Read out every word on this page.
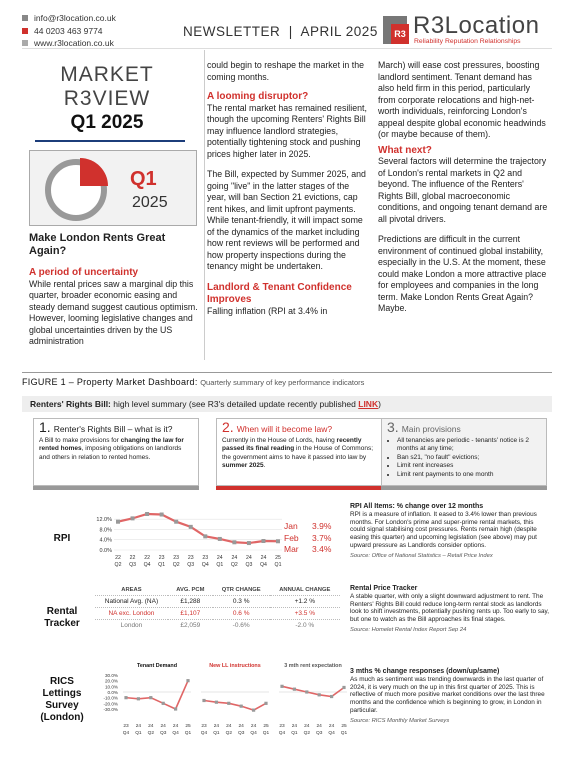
info@r3location.co.uk
44 0203 463 9774
www.r3location.co.uk
NEWSLETTER  |  APRIL 2025	R3 R3Location
Reliability Reputation Relationships
MARKET
R3VIEW
Q1 2025
Q1
2025
Make London Rents Great Again?
A period of uncertainty
While rental prices saw a marginal dip this quarter, broader economic easing and steady demand suggest cautious optimism. However, looming legislative changes and global uncertainties driven by the US administration
could begin to reshape the market in the coming months.
A looming disruptor?
The rental market has remained resilient, though the upcoming Renters' Rights Bill may influence landlord strategies, potentially tightening stock and pushing prices higher later in 2025.
The Bill, expected by Summer 2025, and going "live" in the latter stages of the year, will ban Section 21 evictions, cap rent hikes, and limit upfront payments. While tenant-friendly, it will impact some of the dynamics of the market including how rent reviews will be performed and how property inspections during the tenancy might be undertaken.
Landlord & Tenant Confidence Improves
Falling inflation (RPI at 3.4% in
March) will ease cost pressures, boosting landlord sentiment. Tenant demand has also held firm in this period, particularly from corporate relocations and high-net-worth individuals, reinforcing London's appeal despite global economic headwinds (or maybe because of them).
What next?
Several factors will determine the trajectory of London's rental markets in Q2 and beyond. The influence of the Renters' Rights Bill, global macroeconomic conditions, and ongoing tenant demand are all pivotal drivers.
Predictions are difficult in the current environment of continued global instability, especially in the U.S. At the moment, these could make London a more attractive place for employees and companies in the long term. Make London Rents Great Again? Maybe.
FIGURE 1 – Property Market Dashboard: Quarterly summary of key performance indicators
Renters' Rights Bill: high level summary (see R3's detailed update recently published LINK)
1. Renter's Rights Bill – what is it?
A Bill to make provisions for changing the law for rented homes, imposing obligations on landlords and others in relation to rented homes.
2. When will it become law?
Currently in the House of Lords, having recently passed its final reading in the House of Commons; the government aims to have it passed into law by summer 2025.
3. Main provisions
• All tenancies are periodic - tenants' notice is 2 months at any time;
• Ban s21, "no fault" evictions;
• Limit rent increases
• Limit rent payments to one month
RPI
12.0%
8.0%
4.0%
0.0%
22
Q2
22
Q3
22
Q4
23
Q1
23
Q2
23
Q3
23
Q4
24
Q1
24
Q2
24
Q3
24
Q4
25
Q1
Jan 3.9%
Feb 3.7%
Mar 3.4%
RPI All Items: % change over 12 months
RPI is a measure of inflation. It eased to 3.4% lower than previous months. For London's prime and super-prime rental markets, this could signal stabilising cost pressures. Rents remain high (despite easing this quarter) and upcoming legislation (see above) may put upward pressure as Landlords consider options.
Source: Office of National Statistics – Retail Price Index
Rental Tracker
AREAS	AVG. PCM	QTR CHANGE	ANNUAL CHANGE
National Avg. (NA)	£1,288	0.3 %	+1.2 %
NA exc. London	£1,107	0.6 %	+3.5 %
London	£2,059	-0.6%	-2.0 %
Rental Price Tracker
A stable quarter, with only a slight downward adjustment to rent. The Renters' Rights Bill could reduce long-term rental stock as landlords look to shift investments, potentially pushing rents up. Too early to say, but one to watch as the Bill approaches its final stages.
Source: Homelet Rental Index Report Sep 24
RICS Lettings Survey (London)
30.0%
20.0%
10.0%
0.0%
-10.0%
-20.0%
-30.0%
Tenant Demand
23
Q4
24
Q1
24
Q2
24
Q3
24
Q4
25
Q1
New LL instructions
23
Q4
24
Q1
24
Q2
24
Q3
24
Q4
25
Q1
3 mth rent expectation
23
Q4
24
Q1
24
Q2
24
Q3
24
Q4
25
Q1
3 mths % change responses (down/up/same)
As much as sentiment was trending downwards in the last quarter of 2024, it is very much on the up in this first quarter of 2025. This is reflective of much more positive market conditions over the last three months and the confidence which is beginning to grow, in London in particular.
Source: RICS Monthly Market Surveys
